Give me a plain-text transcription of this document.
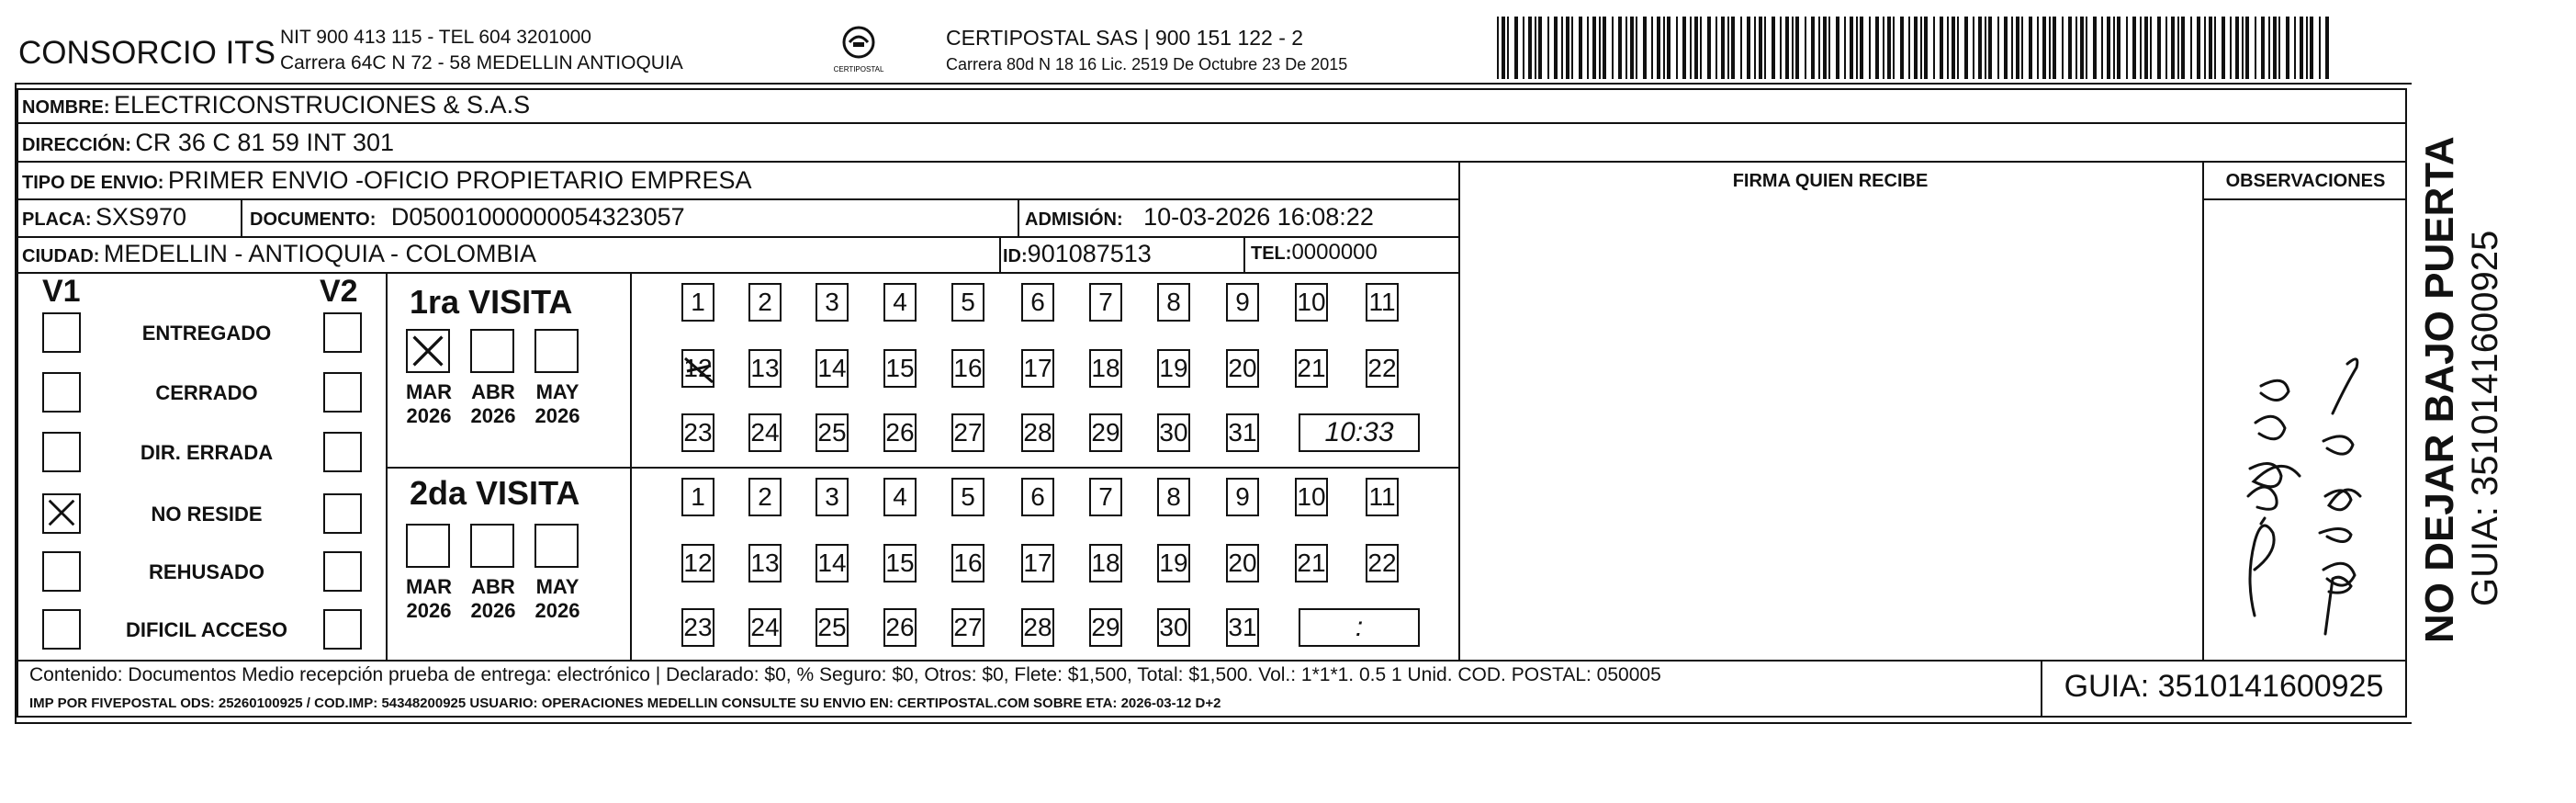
CONSORCIO ITS NIT 900 413 115 - TEL 604 3201000
Carrera 64C N 72 - 58 MEDELLIN ANTIOQUIA	CERTIPOSTAL
CERTIPOSTAL SAS | 900 151 122 - 2
Carrera 80d N 18 16 Lic. 2519 De Octubre 23 De 2015
NOMBRE: ELECTRICONSTRUCIONES & S.A.S
DIRECCIÓN: CR 36 C 81 59 INT 301
TIPO DE ENVIO: PRIMER ENVIO -OFICIO PROPIETARIO EMPRESA	FIRMA QUIEN RECIBE	OBSERVACIONES
PLACA: SXS970	DOCUMENTO: D05001000000054323057	ADMISIÓN: 10-03-2026 16:08:22
CIUDAD: MEDELLIN - ANTIOQUIA - COLOMBIA	ID:901087513	TEL:0000000
V1	V2
ENTREGADO
CERRADO
DIR. ERRADA
NO RESIDE
REHUSADO
DIFICIL ACCESO
1ra VISITA
2da VISITA
MAR
2026
ABR
2026
MAY
2026
1	2	3	4	5	6	7	8	9	10 11
12 13 14 15 16 17 18 19 20 21 22
23 24 25 26 27 28 29 30 31	10:33
MAR
2026
ABR
2026
MAY
2026
1	2	3	4	5	6	7	8	9	10 11
12 13 14 15 16 17 18 19 20 21 22
23 24 25 26 27 28 29 30 31	:
Contenido: Documentos Medio recepción prueba de entrega: electrónico | Declarado: $0, % Seguro: $0, Otros: $0, Flete: $1,500, Total: $1,500. Vol.: 1*1*1. 0.5 1 Unid. COD. POSTAL: 050005
IMP POR FIVEPOSTAL ODS: 25260100925 / COD.IMP: 54348200925 USUARIO: OPERACIONES MEDELLIN CONSULTE SU ENVIO EN: CERTIPOSTAL.COM SOBRE ETA: 2026-03-12 D+2	GUIA: 3510141600925
NO DEJAR BAJO PUERTA GUIA: 3510141600925
